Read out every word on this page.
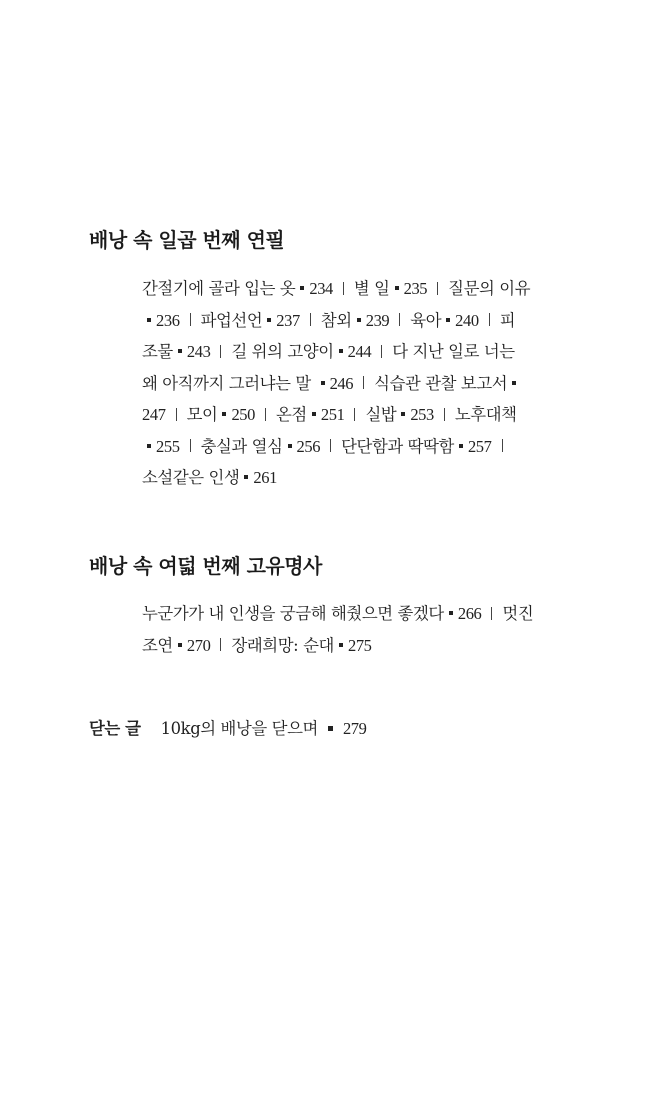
배낭 속 일곱 번째 연필
간절기에 골라 입는 옷 234 별 일 235 질문의 이유
236 파업선언 237 참외 239 육아 240 피
조물 243 길 위의 고양이 244 다 지난 일로 너는
왜 아직까지 그러냐는 말 246 식습관 관찰 보고서
247 모이 250 온점 251 실밥 253 노후대책
255 충실과 열심 256 단단함과 딱딱함 257
소설같은 인생 261
배낭 속 여덟 번째 고유명사
누군가가 내 인생을 궁금해 해줬으면 좋겠다 266 멋진
조연 270 장래희망: 순대 275
닫는 글 10kg의 배낭을 닫으며 279
